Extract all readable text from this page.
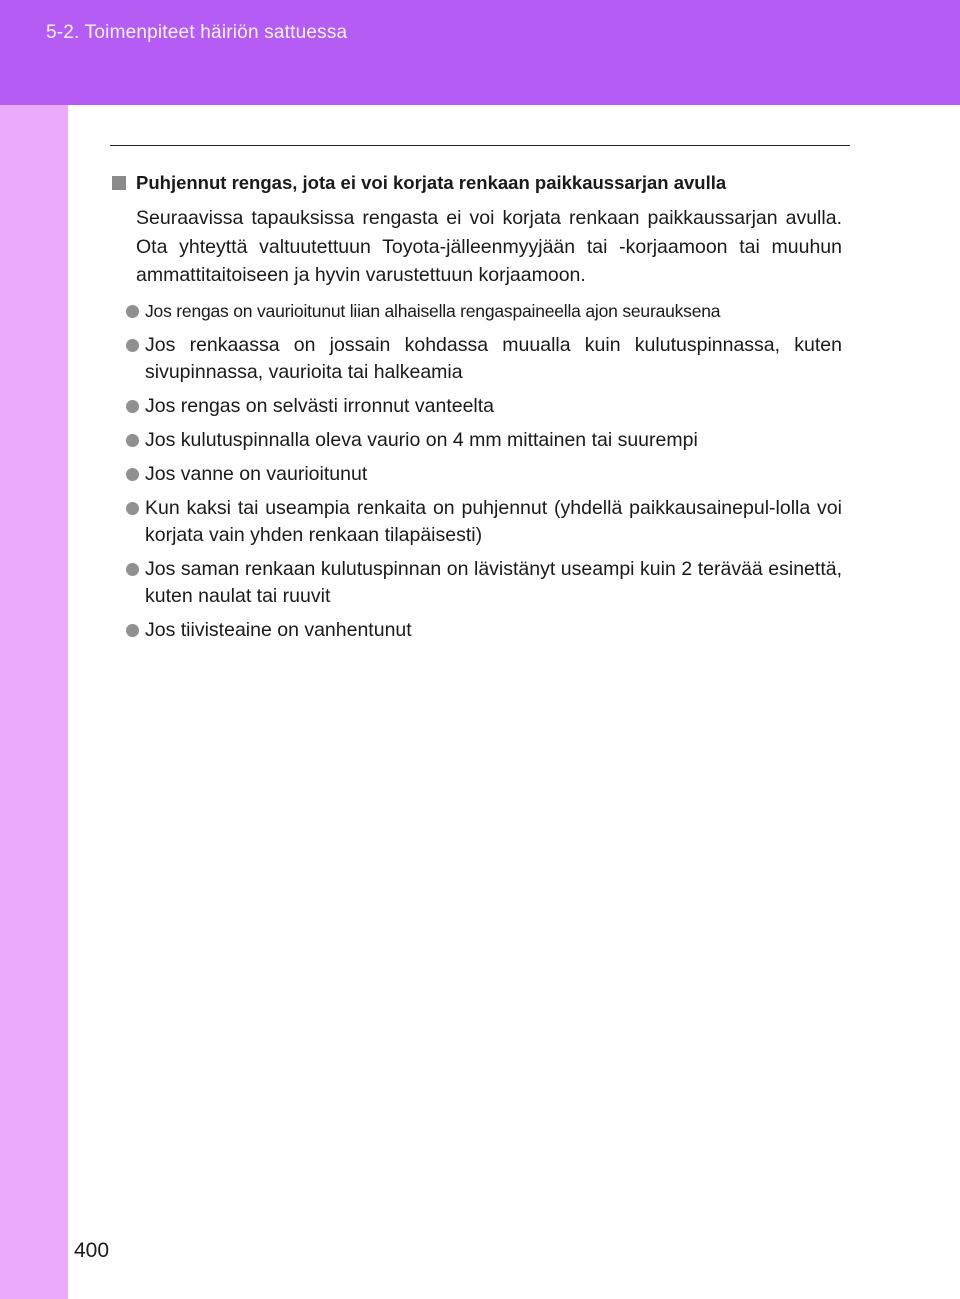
5-2. Toimenpiteet häiriön sattuessa
400
Puhjennut rengas, jota ei voi korjata renkaan paikkaussarjan avulla

Seuraavissa tapauksissa rengasta ei voi korjata renkaan paikkaussarjan avulla. Ota yhteyttä valtuutettuun Toyota-jälleenmyyjään tai -korjaamoon tai muuhun ammattitaitoiseen ja hyvin varustettuun korjaamoon.

Jos rengas on vaurioitunut liian alhaisella rengaspaineella ajon seurauksena
Jos renkaassa on jossain kohdassa muualla kuin kulutuspinnassa, kuten sivupinnassa, vaurioita tai halkeamia
Jos rengas on selvästi irronnut vanteelta
Jos kulutuspinnalla oleva vaurio on 4 mm mittainen tai suurempi
Jos vanne on vaurioitunut
Kun kaksi tai useampia renkaita on puhjennut (yhdellä paikkausainepul-lolla voi korjata vain yhden renkaan tilapäisesti)
Jos saman renkaan kulutuspinnan on lävistänyt useampi kuin 2 terävää esinettä, kuten naulat tai ruuvit
Jos tiivisteaine on vanhentunut
